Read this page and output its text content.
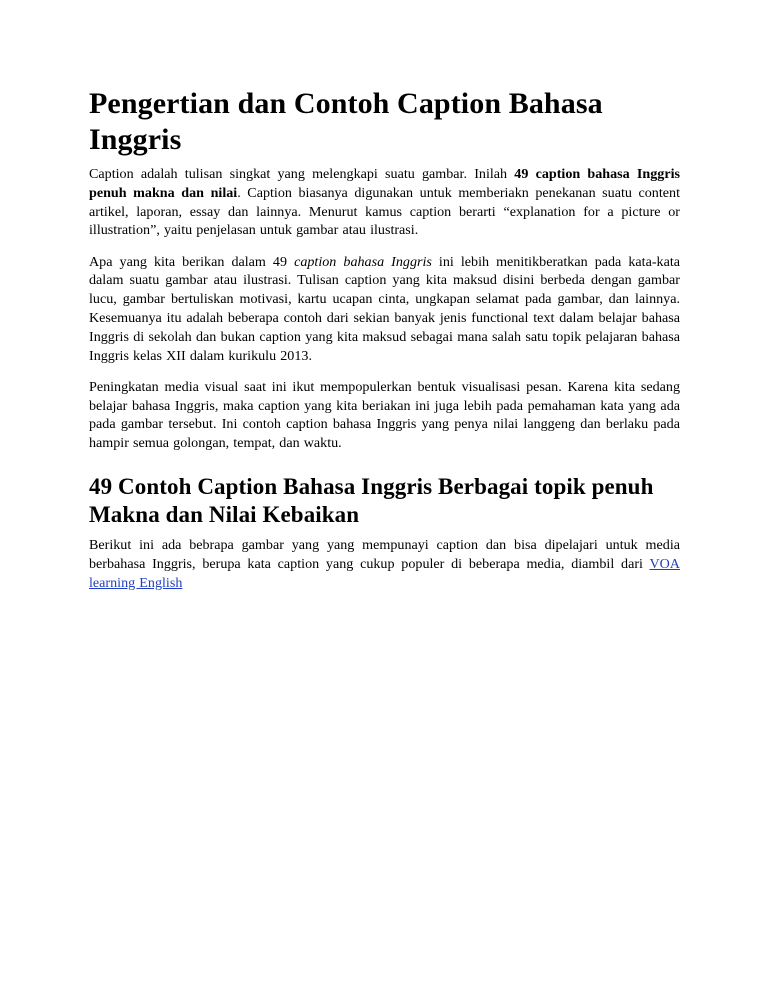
Pengertian dan Contoh Caption Bahasa Inggris

Caption adalah tulisan singkat yang melengkapi suatu gambar. Inilah 49 caption bahasa Inggris penuh makna dan nilai. Caption biasanya digunakan untuk memberiakn penekanan suatu content artikel, laporan, essay dan lainnya. Menurut kamus caption berarti “explanation for a picture or illustration”, yaitu penjelasan untuk gambar atau ilustrasi.

Apa yang kita berikan dalam 49 caption bahasa Inggris ini lebih menitikberatkan pada kata-kata dalam suatu gambar atau ilustrasi. Tulisan caption yang kita maksud disini berbeda dengan gambar lucu, gambar bertuliskan motivasi, kartu ucapan cinta, ungkapan selamat pada gambar, dan lainnya. Kesemuanya itu adalah beberapa contoh dari sekian banyak jenis functional text dalam belajar bahasa Inggris di sekolah dan bukan caption yang kita maksud sebagai mana salah satu topik pelajaran bahasa Inggris kelas XII dalam kurikulu 2013.

Peningkatan media visual saat ini ikut mempopulerkan bentuk visualisasi pesan. Karena kita sedang belajar bahasa Inggris, maka caption yang kita beriakan ini juga lebih pada pemahaman kata yang ada pada gambar tersebut. Ini contoh caption bahasa Inggris yang penya nilai langgeng dan berlaku pada hampir semua golongan, tempat, dan waktu.

49 Contoh Caption Bahasa Inggris Berbagai topik penuh Makna dan Nilai Kebaikan

Berikut ini ada bebrapa gambar yang yang mempunayi caption dan bisa dipelajari untuk media berbahasa Inggris, berupa kata caption yang cukup populer di beberapa media, diambil dari VOA learning English
